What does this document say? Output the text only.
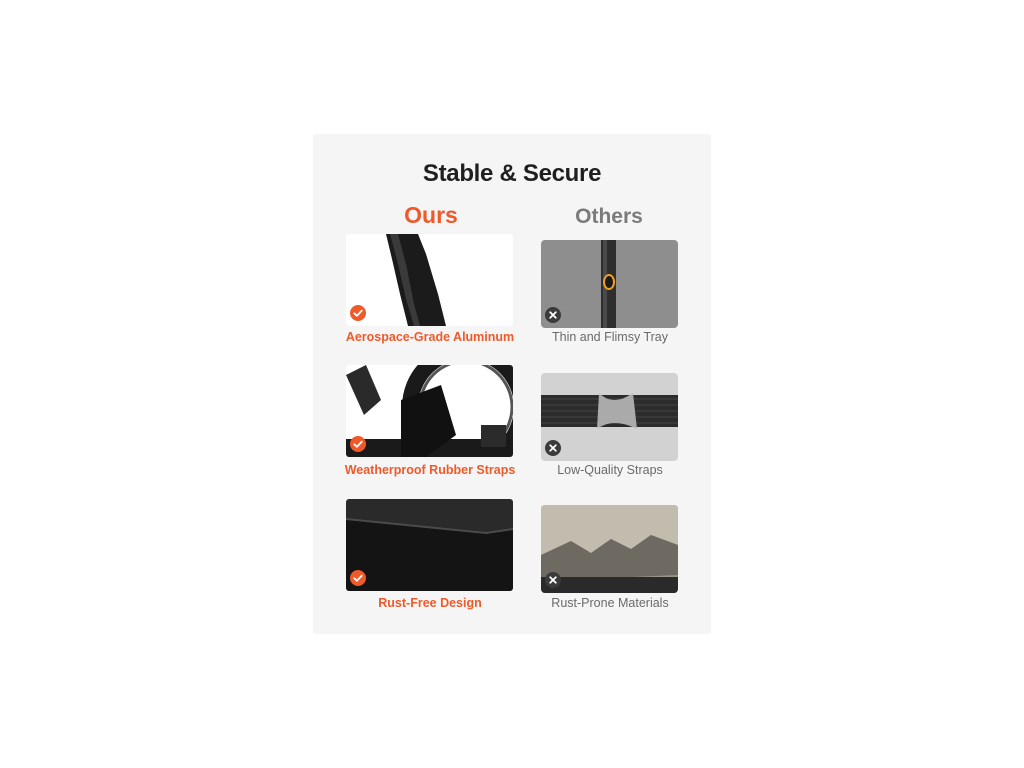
Stable & Secure
Ours	Others
Aerospace-Grade Aluminum	Thin and Flimsy Tray
Weatherproof Rubber Straps	Low-Quality Straps
Rust-Free Design	Rust-Prone Materials
